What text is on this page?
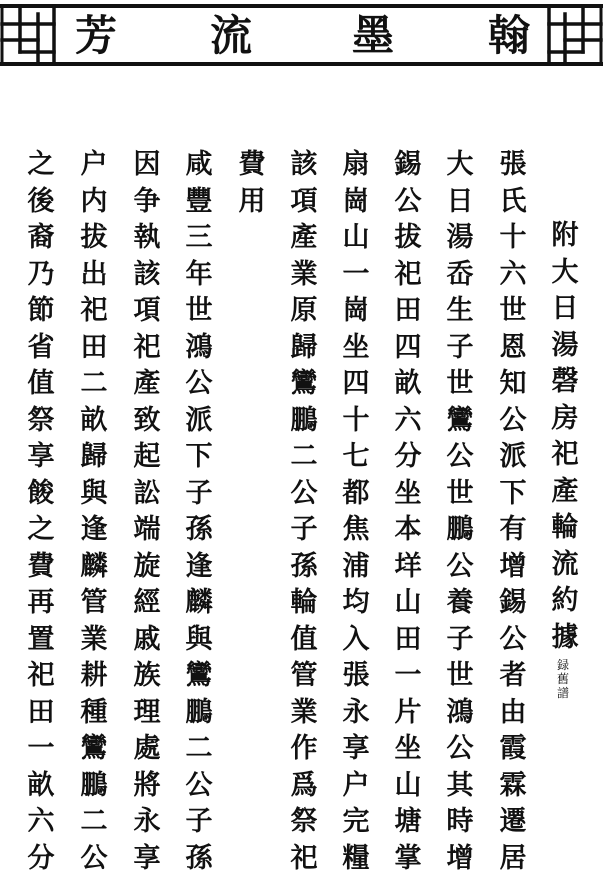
芳 流 墨 翰
附大日湯磬房祀產輪流約據
録舊譜
張氏十六世恩知公派下有增錫公者由霞霖遷居
大日湯岙生子世鸞公世鵬公養子世鴻公其時增
錫公拔祀田四畝六分坐本垟山田一片坐山塘掌
扇崗山一崗坐四十七都焦浦均入張永享户完糧
該項產業原歸鸞鵬二公子孫輪值管業作爲祭祀
費用
咸豐三年世鴻公派下子孫逢麟與鸞鵬二公子孫
因争執該項祀產致起訟端旋經戚族理處將永享
户内拔出祀田二畝歸與逢麟管業耕種鸞鵬二公
之後裔乃節省值祭享餕之費再置祀田一畝六分
